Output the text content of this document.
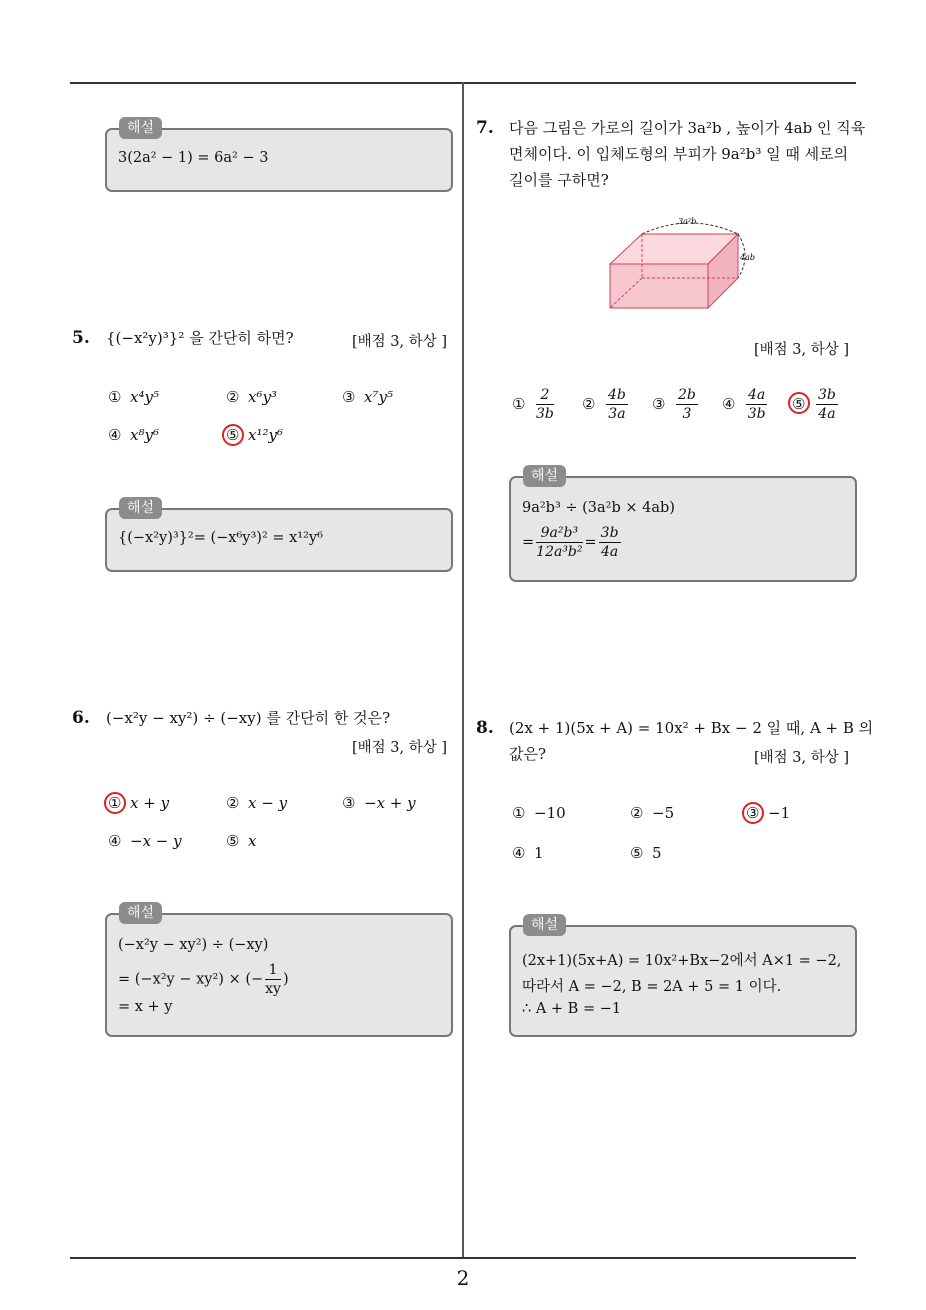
해설
3(2a² − 1) = 6a² − 3
5. {(−x²y)³}² 을 간단히 하면?	[배점 3, 하상 ]
① x⁴y⁵	② x⁶y³	③ x⁷y⁵
④ x⁸y⁶	⑤ x¹²y⁶
해설
{(−x²y)³}²= (−x⁶y³)² = x¹²y⁶
6. (−x²y − xy²) ÷ (−xy) 를 간단히 한 것은?
[배점 3, 하상 ]
① x + y	② x − y	③ −x + y
④ −x − y	⑤ x
해설
(−x²y − xy²) ÷ (−xy)
= (−x²y − xy²) × (− $\frac{1}{xy}$ )
= x + y
7. 다음 그림은 가로의 길이가 3a²b , 높이가 4ab 인 직육
면체이다. 이 입체도형의 부피가 9a²b³ 일 때 세로의
길이를 구하면?
3a²b
4ab
[배점 3, 하상 ]
① $\frac{2}{3b}$ ② $\frac{4b}{3a}$ ③ $\frac{2b}{3}$ ④ $\frac{4a}{3b}$ ⑤ $\frac{3b}{4a}$
해설
9a²b³ ÷ (3a²b × 4ab)
= $\frac{\text{9a²b³}}{\text{12a³b²}} = \frac{3b}{4a}$
8. (2x + 1)(5x + A) = 10x² + Bx − 2 일 때, A + B 의
값은?	[배점 3, 하상 ]
① −10	② −5	③ −1
④ 1	⑤ 5
해설
(2x+1)(5x+A) = 10x²+Bx−2에서 A×1 = −2,
따라서 A = −2, B = 2A + 5 = 1 이다.
∴ A + B = −1
2
